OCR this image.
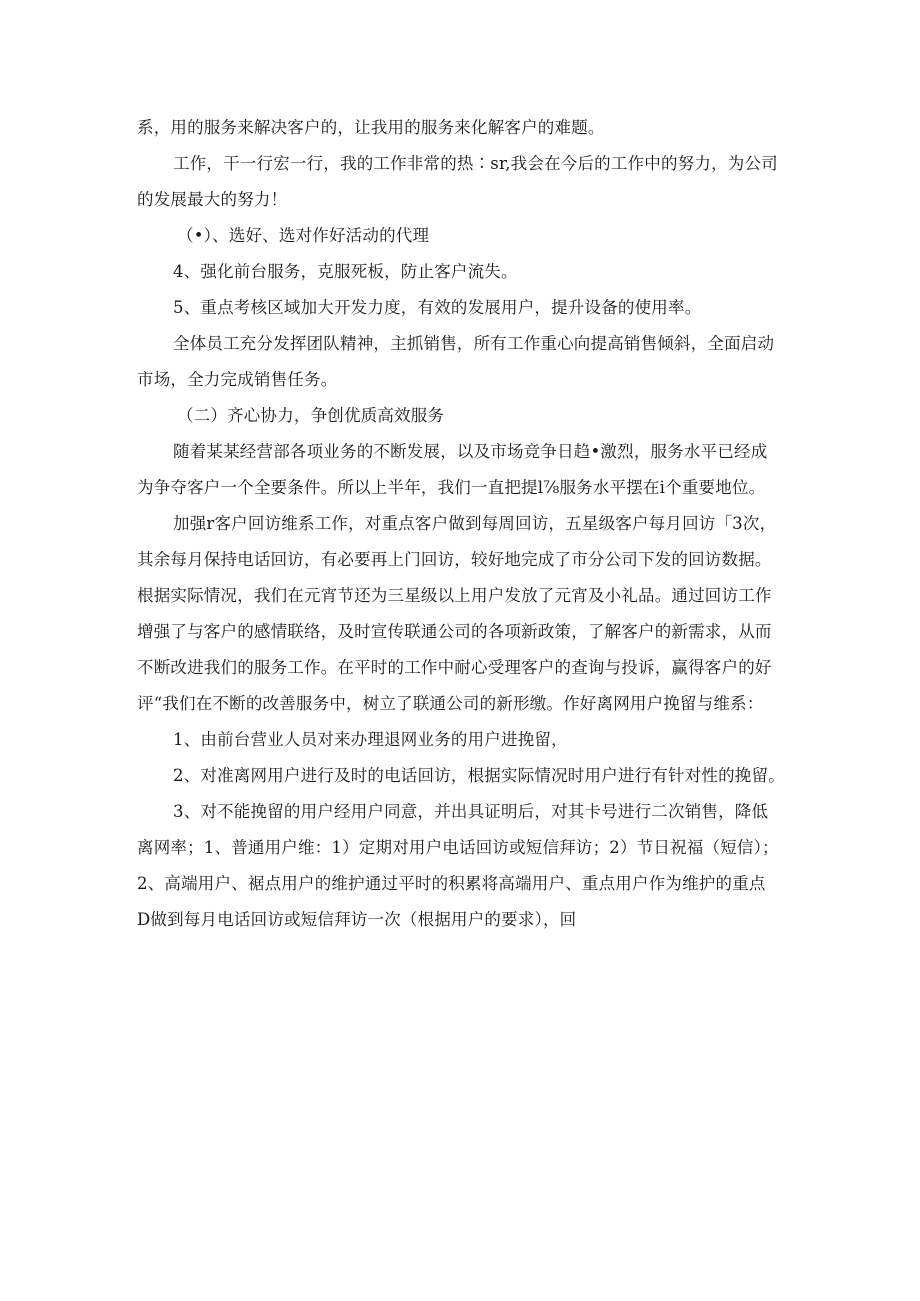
系，用的服务来解决客户的，让我用的服务来化解客户的难题。
工作，干一行宏一行，我的工作非常的热∶sr,我会在今后的工作中的努力，为公司
的发展最大的努力！
（•）、选好、选对作好活动的代理
4、强化前台服务，克服死板，防止客户流失。
5、重点考核区域加大开发力度，有效的发展用户，提升设备的使用率。
全体员工充分发挥团队精神，主抓销售，所有工作重心向提高销售倾斜，全面启动
市场，全力完成销售任务。
（二）齐心协力，争创优质高效服务
随着某某经营部各项业务的不断发展，以及市场竞争日趋•激烈，服务水平已经成
为争夺客户一个全要条件。所以上半年，我们一直把提l⅞服务水平摆在i个重要地位。
加强r客户回访维系工作，对重点客户做到每周回访，五星级客户每月回访「3次，
其余每月保持电话回访，有必要再上门回访，较好地完成了市分公司下发的回访数据。
根据实际情况，我们在元宵节还为三星级以上用户发放了元宵及小礼品。通过回访工作
增强了与客户的感情联络，及时宣传联通公司的各项新政策，了解客户的新需求，从而
不断改进我们的服务工作。在平时的工作中耐心受理客户的查询与投诉，赢得客户的好
评“我们在不断的改善服务中，树立了联通公司的新形缴。作好离网用户挽留与维系：
1、由前台营业人员对来办理退网业务的用户进挽留，
2、对准离网用户进行及时的电话回访，根据实际情况时用户进行有针对性的挽留。
3、对不能挽留的用户经用户同意，并出具证明后，对其卡号进行二次销售，降低
离网率；1、普通用户维：1）定期对用户电话回访或短信拜访；2）节日祝福（短信）；
2、高端用户、裾点用户的维护通过平时的积累将高端用户、重点用户作为维护的重点
D做到每月电话回访或短信拜访一次（根据用户的要求），回
